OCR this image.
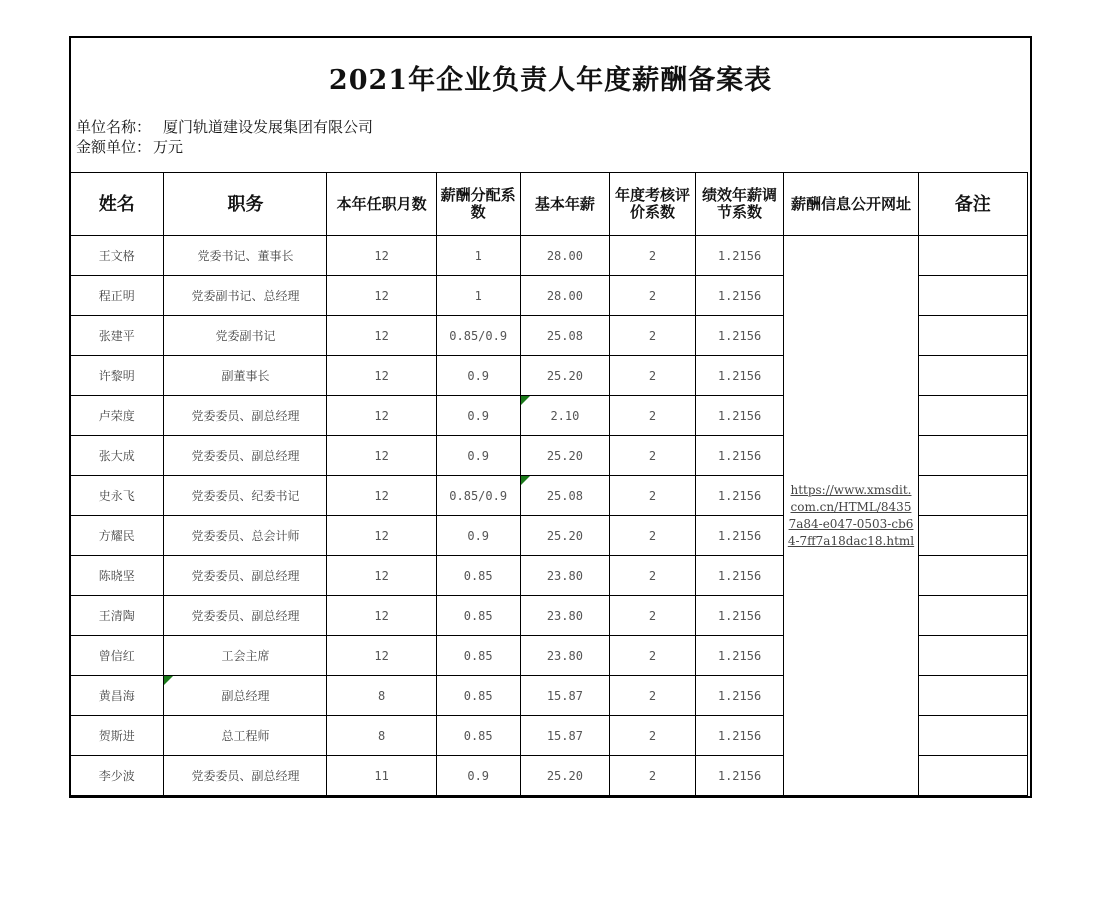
2021年企业负责人年度薪酬备案表
单位名称： 厦门轨道建设发展集团有限公司
金额单位： 万元
姓名	职务	本年任职月数	薪酬分配系数	基本年薪	年度考核评价系数	绩效年薪调节系数	薪酬信息公开网址	备注
王文格	党委书记、董事长	12	1	28.00	2	1.2156	https://www.xmsdit.com.cn/HTML/84357a84-e047-0503-cb64-7ff7a18dac18.html	
程正明	党委副书记、总经理	12	1	28.00	2	1.2156		
张建平	党委副书记	12	0.85/0.9	25.08	2	1.2156		
许黎明	副董事长	12	0.9	25.20	2	1.2156		
卢荣度	党委委员、副总经理	12	0.9	2.10	2	1.2156		
张大成	党委委员、副总经理	12	0.9	25.20	2	1.2156		
史永飞	党委委员、纪委书记	12	0.85/0.9	25.08	2	1.2156		
方耀民	党委委员、总会计师	12	0.9	25.20	2	1.2156		
陈晓坚	党委委员、副总经理	12	0.85	23.80	2	1.2156		
王清陶	党委委员、副总经理	12	0.85	23.80	2	1.2156		
曾信红	工会主席	12	0.85	23.80	2	1.2156		
黄昌海	副总经理	8	0.85	15.87	2	1.2156		
贺斯进	总工程师	8	0.85	15.87	2	1.2156		
李少波	党委委员、副总经理	11	0.9	25.20	2	1.2156		
